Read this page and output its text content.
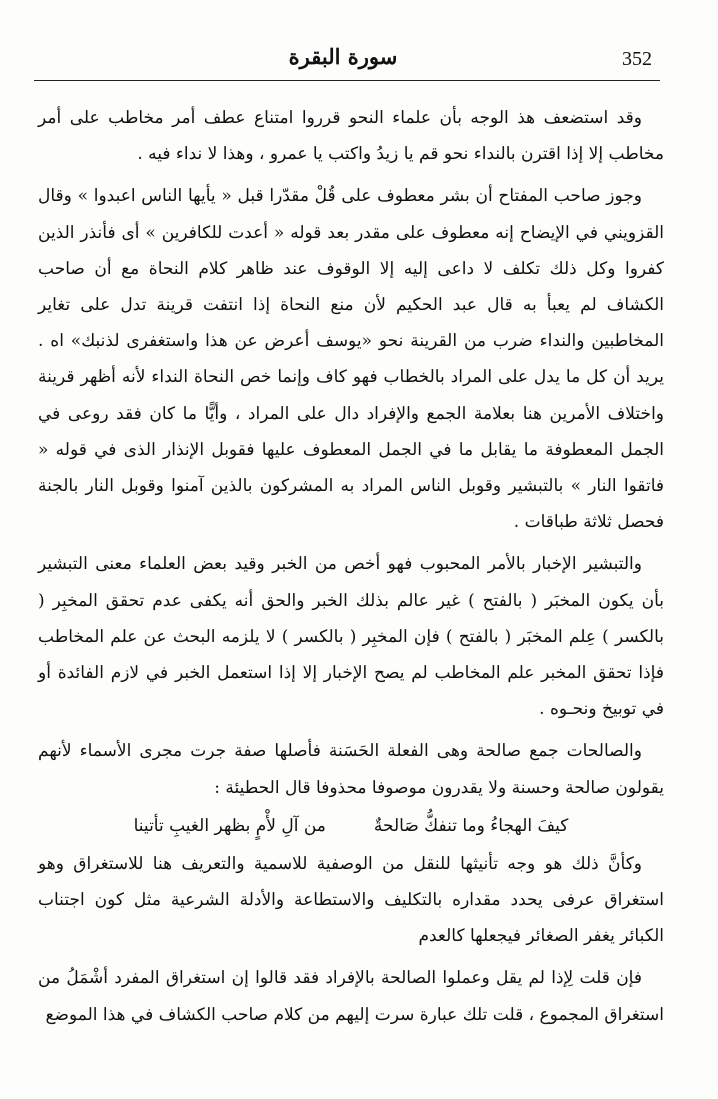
352
سورة البقرة

وقد استضعف هذ الوجه بأن علماء النحو قرروا امتناع عطف أمر مخاطب على أمر مخاطب إلا إذا اقترن بالنداء نحو قم يا زيدُ واكتب يا عمرو ، وهذا لا نداء فيه .

وجوز صاحب المفتاح أن بشر معطوف على قُلْ مقدّرا قبل « يأيها الناس اعبدوا » وقال القزويني في الإيضاح إنه معطوف على مقدر بعد قوله « أعدت للكافرين » أى فأنذر الذين كفروا وكل ذلك تكلف لا داعى إليه إلا الوقوف عند ظاهر كلام النحاة مع أن صاحب الكشاف لم يعبأ به قال عبد الحكيم لأن منع النحاة إذا انتفت قرينة تدل على تغاير المخاطبين والنداء ضرب من القرينة نحو «يوسف أعرض عن هذا واستغفرى لذنبك» اه . يريد أن كل ما يدل على المراد بالخطاب فهو كاف وإنما خص النحاة النداء لأنه أظهر قرينة واختلاف الأمرين هنا بعلامة الجمع والإفراد دال على المراد ، وأيًّا ما كان فقد روعى في الجمل المعطوفة ما يقابل ما في الجمل المعطوف عليها فقوبل الإنذار الذى في قوله « فاتقوا النار » بالتبشير وقوبل الناس المراد به المشركون بالذين آمنوا وقوبل النار بالجنة فحصل ثلاثة طباقات .

والتبشير الإخبار بالأمر المحبوب فهو أخص من الخبر وقيد بعض العلماء معنى التبشير بأن يكون المخبَر ( بالفتح ) غير عالم بذلك الخبر والحق أنه يكفى عدم تحقق المخبِر ( بالكسر ) عِلم المخبَر ( بالفتح ) فإن المخبِر ( بالكسر ) لا يلزمه البحث عن علم المخاطب فإذا تحقق المخبر علم المخاطب لم يصح الإخبار إلا إذا استعمل الخبر في لازم الفائدة أو في توبيخ ونحـوه .

والصالحات جمع صالحة وهى الفعلة الحَسَنة فأصلها صفة جرت مجرى الأسماء لأنهم يقولون صالحة وحسنة ولا يقدرون موصوفا محذوفا قال الحطيئة :

كيفَ الهجاءُ وما تنفكُّ صَالحةٌ
من آلِ لأْمٍ بظهر الغيبِ تأتينا

وكأنَّ ذلك هو وجه تأنيثها للنقل من الوصفية للاسمية والتعريف هنا للاستغراق وهو استغراق عرفى يحدد مقداره بالتكليف والاستطاعة والأدلة الشرعية مثل كون اجتناب الكبائر يغفر الصغائر فيجعلها كالعدم

فإن قلت لِإذا لم يقل وعملوا الصالحة بالإفراد فقد قالوا إن استغراق المفرد أشْمَلُ من استغراق المجموع ، قلت تلك عبارة سرت إليهم من كلام صاحب الكشاف في هذا الموضع
